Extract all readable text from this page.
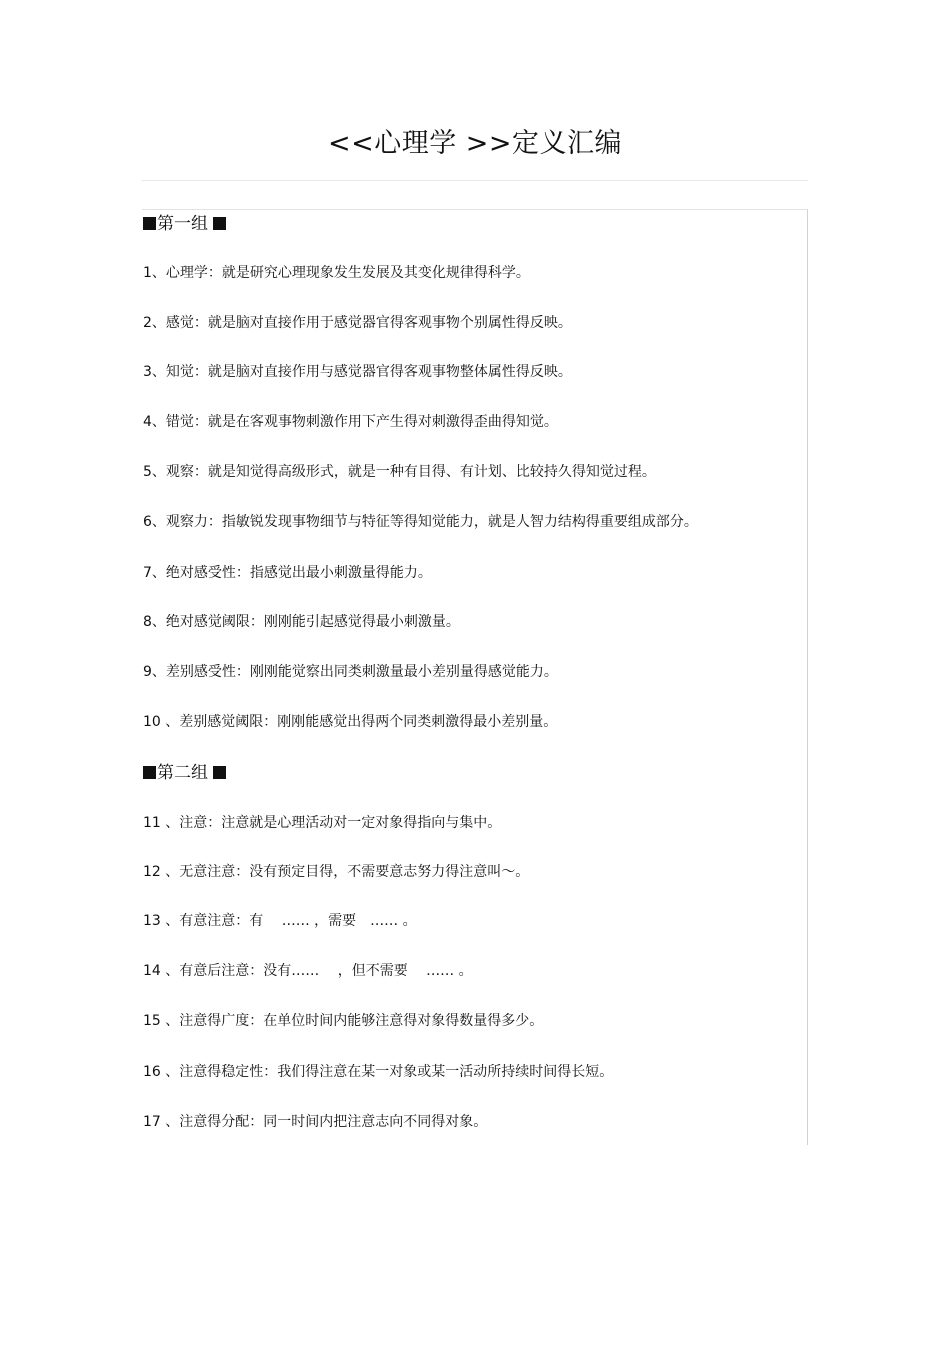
<<心理学 >>定义汇编
第一组
1、心理学：就是研究心理现象发生发展及其变化规律得科学。
2、感觉：就是脑对直接作用于感觉器官得客观事物个别属性得反映。
3、知觉：就是脑对直接作用与感觉器官得客观事物整体属性得反映。
4、错觉：就是在客观事物刺激作用下产生得对刺激得歪曲得知觉。
5、观察：就是知觉得高级形式，就是一种有目得、有计划、比较持久得知觉过程。
6、观察力：指敏锐发现事物细节与特征等得知觉能力，就是人智力结构得重要组成部分。
7、绝对感受性：指感觉出最小刺激量得能力。
8、绝对感觉阈限：刚刚能引起感觉得最小刺激量。
9、差别感受性：刚刚能觉察出同类刺激量最小差别量得感觉能力。
10 、差别感觉阈限：刚刚能感觉出得两个同类刺激得最小差别量。
第二组
11 、注意：注意就是心理活动对一定对象得指向与集中。
12 、无意注意：没有预定目得，不需要意志努力得注意叫～。
13 、有意注意：有　 …… ，需要　…… 。
14 、有意后注意：没有……　 ，但不需要　 …… 。
15 、注意得广度：在单位时间内能够注意得对象得数量得多少。
16 、注意得稳定性：我们得注意在某一对象或某一活动所持续时间得长短。
17 、注意得分配：同一时间内把注意志向不同得对象。
